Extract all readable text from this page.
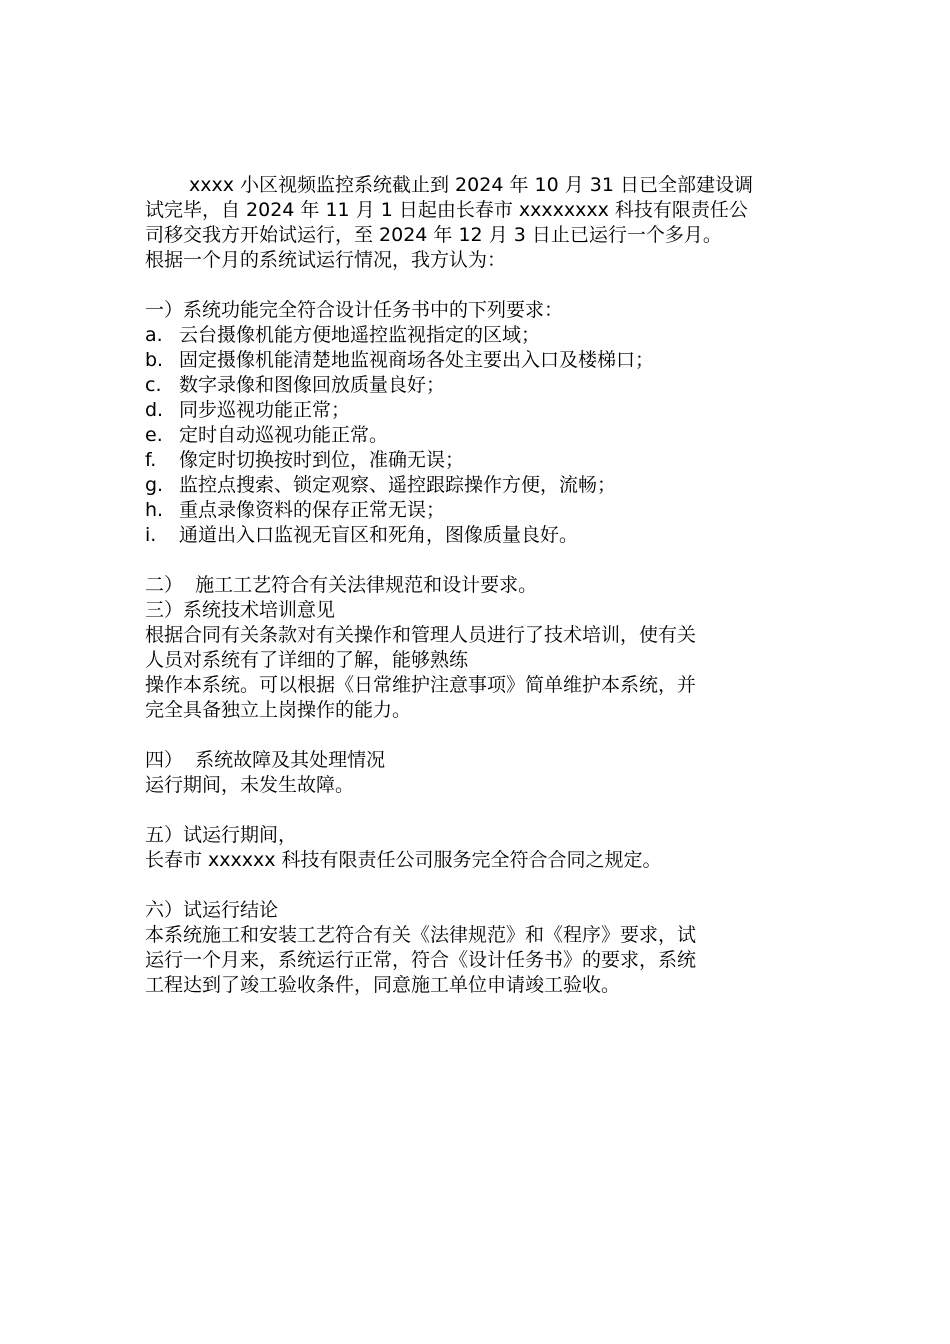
xxxx 小区视频监控系统截止到 2024 年 10 月 31 日已全部建设调
试完毕，自 2024 年 11 月 1 日起由长春市 xxxxxxxx 科技有限责任公
司移交我方开始试运行，至 2024 年 12 月 3 日止已运行一个多月。
根据一个月的系统试运行情况，我方认为：
一）系统功能完全符合设计任务书中的下列要求：
a. 云台摄像机能方便地遥控监视指定的区域；
b. 固定摄像机能清楚地监视商场各处主要出入口及楼梯口；
c. 数字录像和图像回放质量良好；
d. 同步巡视功能正常；
e. 定时自动巡视功能正常。
f. 像定时切换按时到位，准确无误；
g. 监控点搜索、锁定观察、遥控跟踪操作方便，流畅；
h. 重点录像资料的保存正常无误；
i. 通道出入口监视无盲区和死角，图像质量良好。
二）  施工工艺符合有关法律规范和设计要求。
三）系统技术培训意见
根据合同有关条款对有关操作和管理人员进行了技术培训，使有关
人员对系统有了详细的了解，能够熟练
操作本系统。可以根据《日常维护注意事项》简单维护本系统，并
完全具备独立上岗操作的能力。
四）  系统故障及其处理情况
运行期间，未发生故障。
五）试运行期间，
长春市 xxxxxx 科技有限责任公司服务完全符合合同之规定。
六）试运行结论
本系统施工和安装工艺符合有关《法律规范》和《程序》要求，试
运行一个月来，系统运行正常，符合《设计任务书》的要求，系统
工程达到了竣工验收条件，同意施工单位申请竣工验收。
